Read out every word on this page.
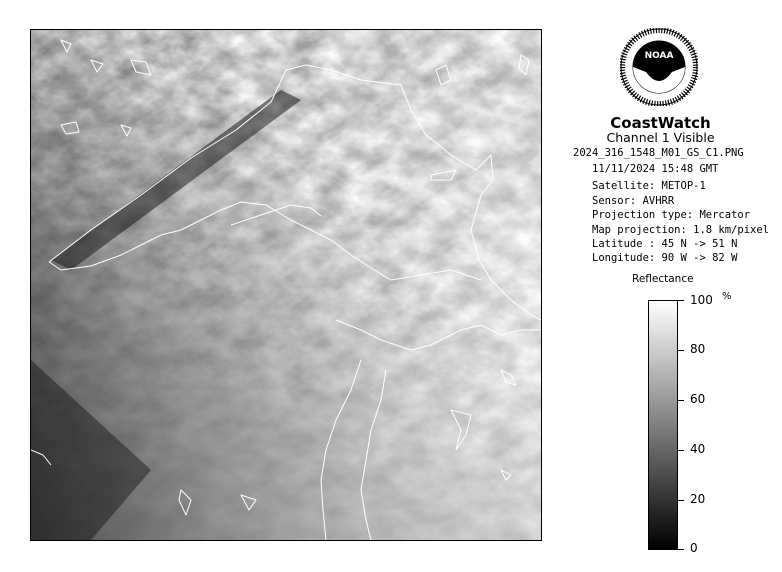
NOAA
CoastWatch
Channel 1 Visible
2024_316_1548_M01_GS_C1.PNG
11/11/2024 15:48 GMT
Satellite: METOP-1
Sensor: AVHRR
Projection type: Mercator
Map projection: 1.8 km/pixel
Latitude : 45 N -> 51 N
Longitude: 90 W -> 82 W
Reflectance
%
100
80
60
40
20
0
